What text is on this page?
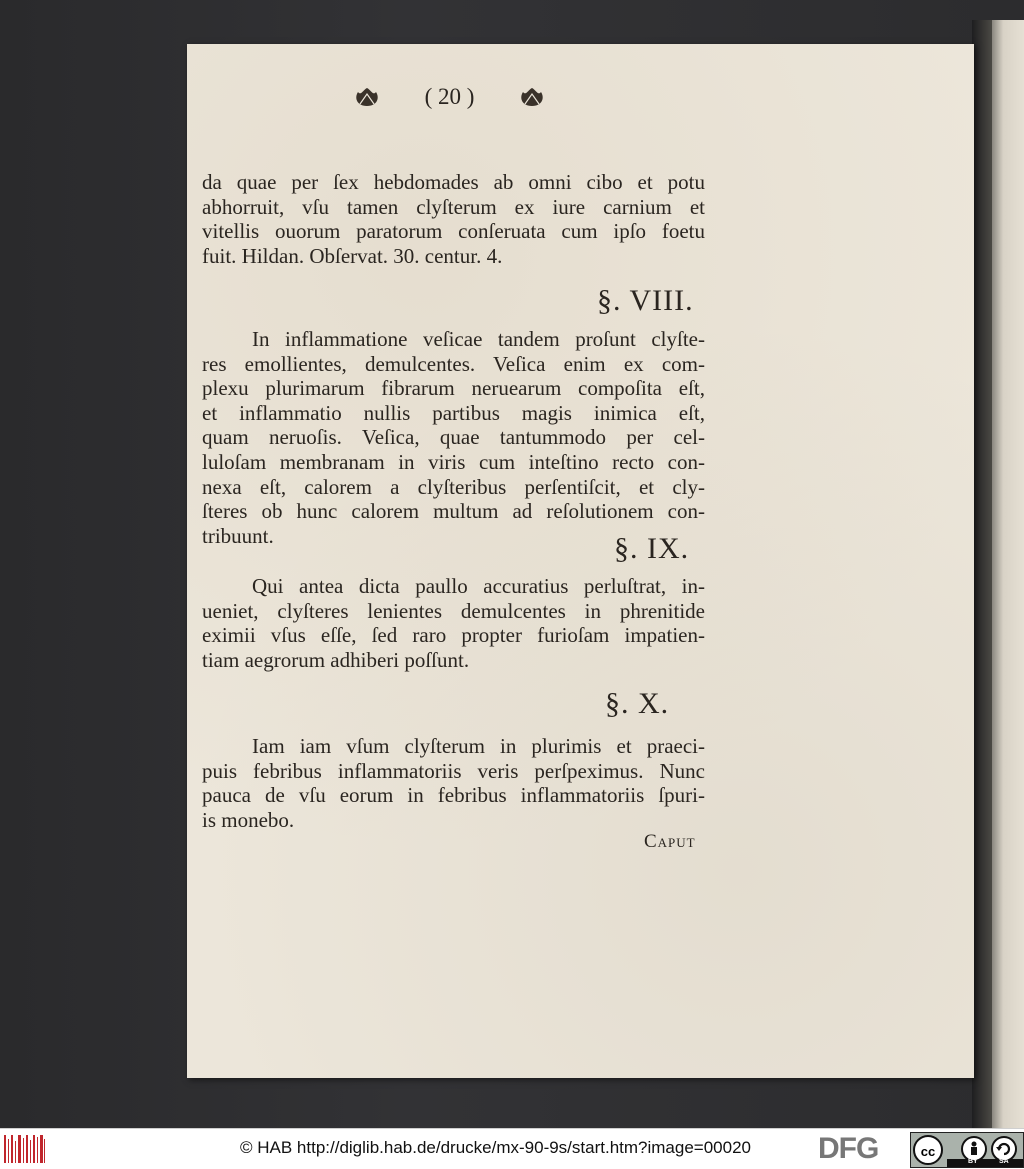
( 20 )
da quae per ſex hebdomades ab omni cibo et potu
abhorruit, vſu tamen clyſterum ex iure carnium et
vitellis ouorum paratorum conſeruata cum ipſo foetu
fuit. Hildan. Obſervat. 30. centur. 4.
§. VIII.
In inflammatione veſicae tandem proſunt clyſte-
res emollientes, demulcentes. Veſica enim ex com-
plexu plurimarum fibrarum neruearum compoſita eſt,
et inflammatio nullis partibus magis inimica eſt,
quam neruoſis. Veſica, quae tantummodo per cel-
luloſam membranam in viris cum inteſtino recto con-
nexa eſt, calorem a clyſteribus perſentiſcit, et cly-
ſteres ob hunc calorem multum ad reſolutionem con-
tribuunt.	§. IX.
Qui antea dicta paullo accuratius perluſtrat, in-
ueniet, clyſteres lenientes demulcentes in phrenitide
eximii vſus eſſe, ſed raro propter furioſam impatien-
tiam aegrorum adhiberi poſſunt.
§. X.
Iam iam vſum clyſterum in plurimis et praeci-
puis febribus inflammatoriis veris perſpeximus. Nunc
pauca de vſu eorum in febribus inflammatoriis ſpuri-
is monebo.
Caput
© HAB http://diglib.hab.de/drucke/mx-90-9s/start.htm?image=00020 DFG	cc
BY	SA
